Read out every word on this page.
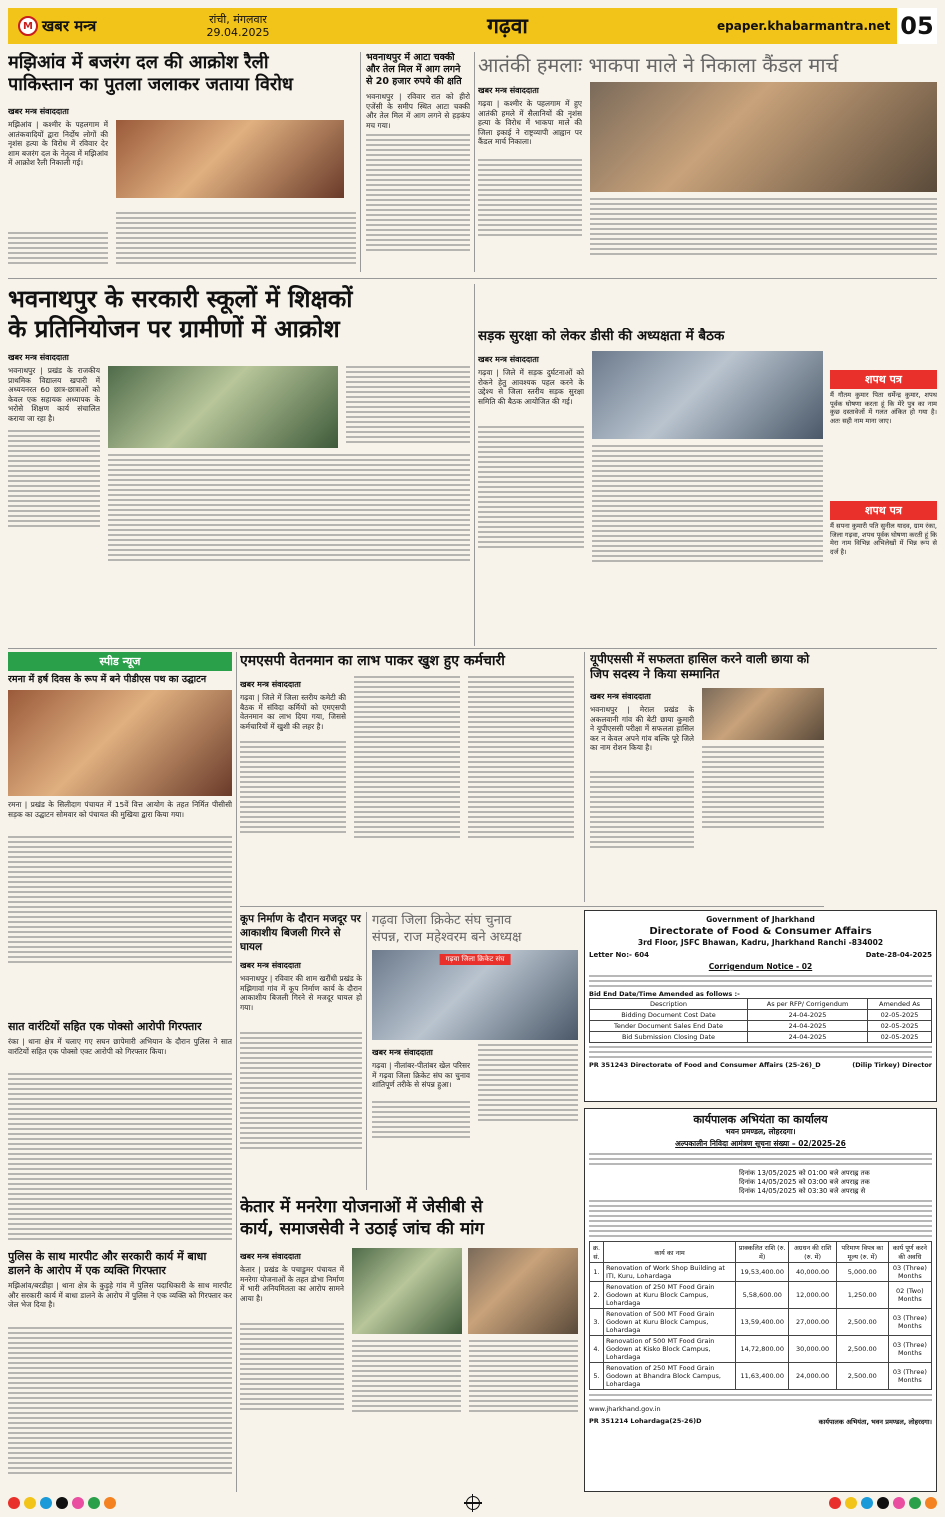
M खबर मन्त्र	रांची, मंगलवार
29.04.2025	गढ़वा	epaper.khabarmantra.net 05
मझिआंव में बजरंग दल की आक्रोश रैली
पाकिस्तान का पुतला जलाकर जताया विरोध
खबर मन्त्र संवाददाता
मझिआंव | कश्मीर के पहलगाम में आतंकवादियों द्वारा निर्दोष लोगों की नृशंस हत्या के विरोध में रविवार देर शाम बजरंग दल के नेतृत्व में मझिआंव में आक्रोश रैली निकाली गई।
भवनाथपुर में आटा चक्की और तेल मिल में आग लगने से 20 हजार रुपये की क्षति
भवनाथपुर | रविवार रात को हीरो एजेंसी के समीप स्थित आटा चक्की और तेल मिल में आग लगने से हड़कंप मच गया।
आतंकी हमलाः भाकपा माले ने निकाला कैंडल मार्च
खबर मन्त्र संवाददाता
गढ़वा | कश्मीर के पहलगाम में हुए आतंकी हमले में सैलानियों की नृशंस हत्या के विरोध में भाकपा माले की जिला इकाई ने राष्ट्रव्यापी आह्वान पर कैंडल मार्च निकाला।
भवनाथपुर के सरकारी स्कूलों में शिक्षकों
के प्रतिनियोजन पर ग्रामीणों में आक्रोश
खबर मन्त्र संवाददाता
भवनाथपुर | प्रखंड के राजकीय प्राथमिक विद्यालय खपारी में अध्ययनरत 60 छात्र-छात्राओं को केवल एक सहायक अध्यापक के भरोसे शिक्षण कार्य संचालित कराया जा रहा है।
सड़क सुरक्षा को लेकर डीसी की अध्यक्षता में बैठक
खबर मन्त्र संवाददाता
गढ़वा | जिले में सड़क दुर्घटनाओं को रोकने हेतु आवश्यक पहल करने के उद्देश्य से जिला स्तरीय सड़क सुरक्षा समिति की बैठक आयोजित की गई।
शपथ पत्र
मैं गौतम कुमार पिता धर्मेन्द्र कुमार, शपथ पूर्वक घोषणा करता हूं कि मेरे पुत्र का नाम कुछ दस्तावेजों में गलत अंकित हो गया है। अतः सही नाम माना जाए।
शपथ पत्र
मैं सपना कुमारी पति सुनील यादव, ग्राम रंका, जिला गढ़वा, शपथ पूर्वक घोषणा करती हूं कि मेरा नाम विभिन्न अभिलेखों में भिन्न रूप से दर्ज है।
स्पीड न्यूज
रमना में हर्ष दिवस के रूप में बने पीडीएस पथ का उद्घाटन
रमना | प्रखंड के सिलीदाग पंचायत में 15वें वित्त आयोग के तहत निर्मित पीसीसी सड़क का उद्घाटन सोमवार को पंचायत की मुखिया द्वारा किया गया।
सात वारंटियों सहित एक पोक्सो आरोपी गिरफ्तार
रंका | थाना क्षेत्र में चलाए गए सघन छापेमारी अभियान के दौरान पुलिस ने सात वारंटियों सहित एक पोक्सो एक्ट आरोपी को गिरफ्तार किया।
पुलिस के साथ मारपीट और सरकारी कार्य में बाधा डालने के आरोप में एक व्यक्ति गिरफ्तार
मझिआंव/बरडीहा | थाना क्षेत्र के कुड़ुहे गांव में पुलिस पदाधिकारी के साथ मारपीट और सरकारी कार्य में बाधा डालने के आरोप में पुलिस ने एक व्यक्ति को गिरफ्तार कर जेल भेज दिया है।
एमएसपी वेतनमान का लाभ पाकर खुश हुए कर्मचारी
खबर मन्त्र संवाददाता
गढ़वा | जिले में जिला स्तरीय कमेटी की बैठक में संविदा कर्मियों को एमएसपी वेतनमान का लाभ दिया गया, जिससे कर्मचारियों में खुशी की लहर है।
यूपीएससी में सफलता हासिल करने वाली छाया को जिप सदस्य ने किया सम्मानित
खबर मन्त्र संवाददाता
भवनाथपुर | मेराल प्रखंड के अकलवानी गांव की बेटी छाया कुमारी ने यूपीएससी परीक्षा में सफलता हासिल कर न केवल अपने गांव बल्कि पूरे जिले का नाम रोशन किया है।
कूप निर्माण के दौरान मजदूर पर आकाशीय बिजली गिरने से घायल
खबर मन्त्र संवाददाता
भवनाथपुर | रविवार की शाम खरौंधी प्रखंड के मझिगावां गांव में कूप निर्माण कार्य के दौरान आकाशीय बिजली गिरने से मजदूर घायल हो गया।
गढ़वा जिला क्रिकेट संघ चुनाव
संपन्न, राज महेश्वरम बने अध्यक्ष
गढ़वा जिला क्रिकेट संघ
खबर मन्त्र संवाददाता
गढ़वा | नीलांबर-पीतांबर खेल परिसर में गढ़वा जिला क्रिकेट संघ का चुनाव शांतिपूर्ण तरीके से संपन्न हुआ।
Government of Jharkhand
Directorate of Food & Consumer Affairs
3rd Floor, JSFC Bhawan, Kadru, Jharkhand Ranchi -834002
Letter No:- 604	Date-28-04-2025
Corrigendum Notice - 02
Bid End Date/Time Amended as follows :-
Description	As per RFP/ Corrigendum	Amended As
Bidding Document Cost Date	24-04-2025	02-05-2025
Tender Document Sales End Date	24-04-2025	02-05-2025
Bid Submission Closing Date	24-04-2025	02-05-2025
PR 351243 Directorate of Food and Consumer Affairs (25-26)_D	(Dilip Tirkey) Director
केतार में मनरेगा योजनाओं में जेसीबी से
कार्य, समाजसेवी ने उठाई जांच की मांग
खबर मन्त्र संवाददाता
केतार | प्रखंड के पचाडुमर पंचायत में मनरेगा योजनाओं के तहत डोभा निर्माण में भारी अनियमितता का आरोप सामने आया है।
कार्यपालक अभियंता का कार्यालय
भवन प्रमण्डल, लोहरदगा।
अल्पकालीन निविदा आमंत्रण सूचना संख्या – 02/2025-26
दिनांक 13/05/2025 को 01:00 बजे अपराह्न तक
दिनांक 14/05/2025 को 03:00 बजे अपराह्न तक
दिनांक 14/05/2025 को 03:30 बजे अपराह्न से
क्र. सं.	कार्य का नाम	प्राक्कलित राशि (रु. में)	अग्रधन की राशि (रु. में)	परिमाण विपत्र का मूल्य (रु. में)	कार्य पूर्ण करने की अवधि
1.	Renovation of Work Shop Building at ITI, Kuru, Lohardaga	19,53,400.00	40,000.00	5,000.00	03 (Three) Months
2.	Renovation of 250 MT Food Grain Godown at Kuru Block Campus, Lohardaga	5,58,600.00	12,000.00	1,250.00	02 (Two) Months
3.	Renovation of 500 MT Food Grain Godown at Kuru Block Campus, Lohardaga	13,59,400.00	27,000.00	2,500.00	03 (Three) Months
4.	Renovation of 500 MT Food Grain Godown at Kisko Block Campus, Lohardaga	14,72,800.00	30,000.00	2,500.00	03 (Three) Months
5.	Renovation of 250 MT Food Grain Godown at Bhandra Block Campus, Lohardaga	11,63,400.00	24,000.00	2,500.00	03 (Three) Months
www.jharkhand.gov.in
PR 351214 Lohardaga(25-26)D	कार्यपालक अभियंता, भवन प्रमण्डल, लोहरदगा।
